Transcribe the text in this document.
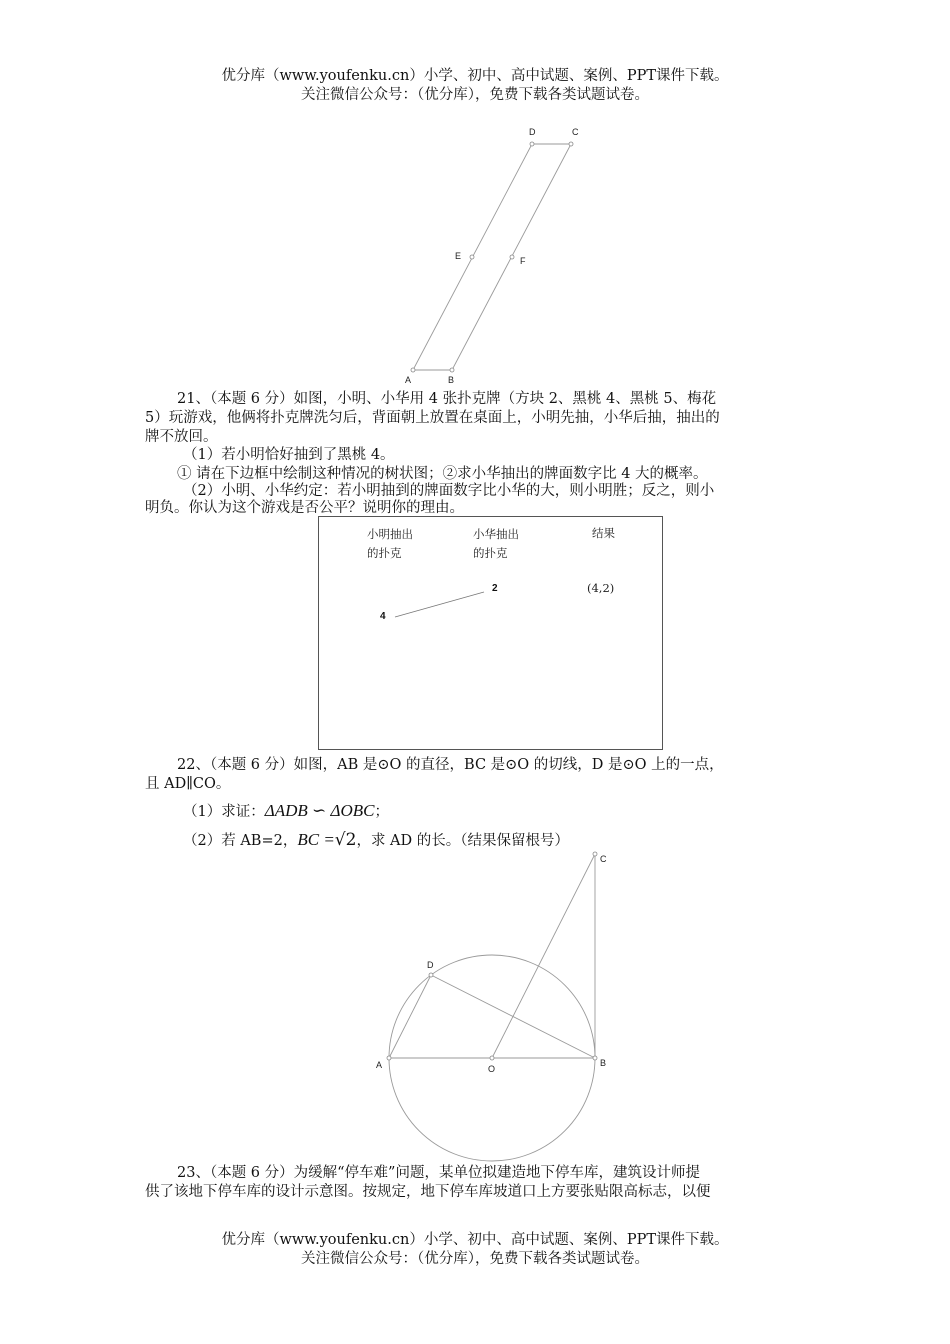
优分库（www.youfenku.cn）小学、初中、高中试题、案例、PPT课件下载。
关注微信公众号：（优分库），免费下载各类试题试卷。
D	C
E	F
A	B
21、（本题 6 分）如图，小明、小华用 4 张扑克牌（方块 2、黑桃 4、黑桃 5、梅花
5）玩游戏，他俩将扑克牌洗匀后，背面朝上放置在桌面上，小明先抽，小华后抽，抽出的
牌不放回。
（1）若小明恰好抽到了黑桃 4。
① 请在下边框中绘制这种情况的树状图；②求小华抽出的牌面数字比 4 大的概率。
（2）小明、小华约定：若小明抽到的牌面数字比小华的大，则小明胜；反之，则小
明负。你认为这个游戏是否公平？说明你的理由。
小明抽出
的扑克
小华抽出
的扑克
结果
4
2	(4,2)
22、（本题 6 分）如图，AB 是⊙O 的直径，BC 是⊙O 的切线，D 是⊙O 上的一点，
且 AD∥CO。
（1）求证：ΔADB ∽ ΔOBC；
（2）若 AB=2，BC =√2，求 AD 的长。（结果保留根号）
C
D
A	O
B
23、（本题 6 分）为缓解“停车难”问题，某单位拟建造地下停车库，建筑设计师提
供了该地下停车库的设计示意图。按规定，地下停车库坡道口上方要张贴限高标志，以便
优分库（www.youfenku.cn）小学、初中、高中试题、案例、PPT课件下载。
关注微信公众号：（优分库），免费下载各类试题试卷。
